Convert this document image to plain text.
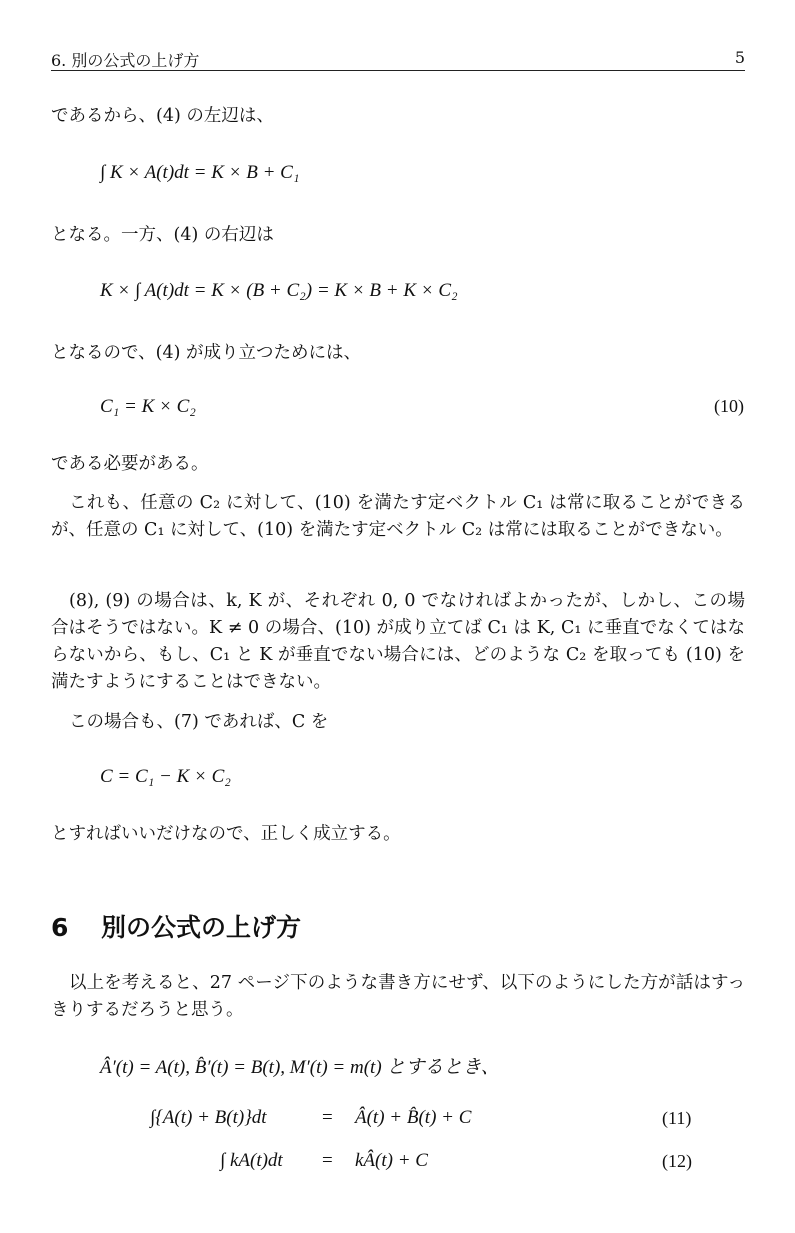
6. 別の公式の上げ方	5

であるから、(4) の左辺は、

∫ K × A(t)dt = K × B + C₁

となる。一方、(4) の右辺は

K × ∫ A(t)dt = K × (B + C₂) = K × B + K × C₂

となるので、(4) が成り立つためには、

C₁ = K × C₂	(10)

である必要がある。

これも、任意の C₂ に対して、(10) を満たす定ベクトル C₁ は常に取ることができるが、任意の C₁ に対して、(10) を満たす定ベクトル C₂ は常には取ることができない。

(8), (9) の場合は、k, K が、それぞれ 0, 0 でなければよかったが、しかし、この場合はそうではない。K ≠ 0 の場合、(10) が成り立てば C₁ は K, C₁ に垂直でなくてはならないから、もし、C₁ と K が垂直でない場合には、どのような C₂ を取っても (10) を満たすようにすることはできない。

この場合も、(7) であれば、C を

C = C₁ − K × C₂

とすればいいだけなので、正しく成立する。

6 別の公式の上げ方

以上を考えると、27 ページ下のような書き方にせず、以下のようにした方が話はすっきりするだろうと思う。

Â′(t) = A(t), B̂′(t) = B(t), M′(t) = m(t) とするとき、
∫{A(t) + B(t)}dt	= Â(t) + B̂(t) + C	(11)
∫ kA(t)dt = kÂ(t) + C	(12)
